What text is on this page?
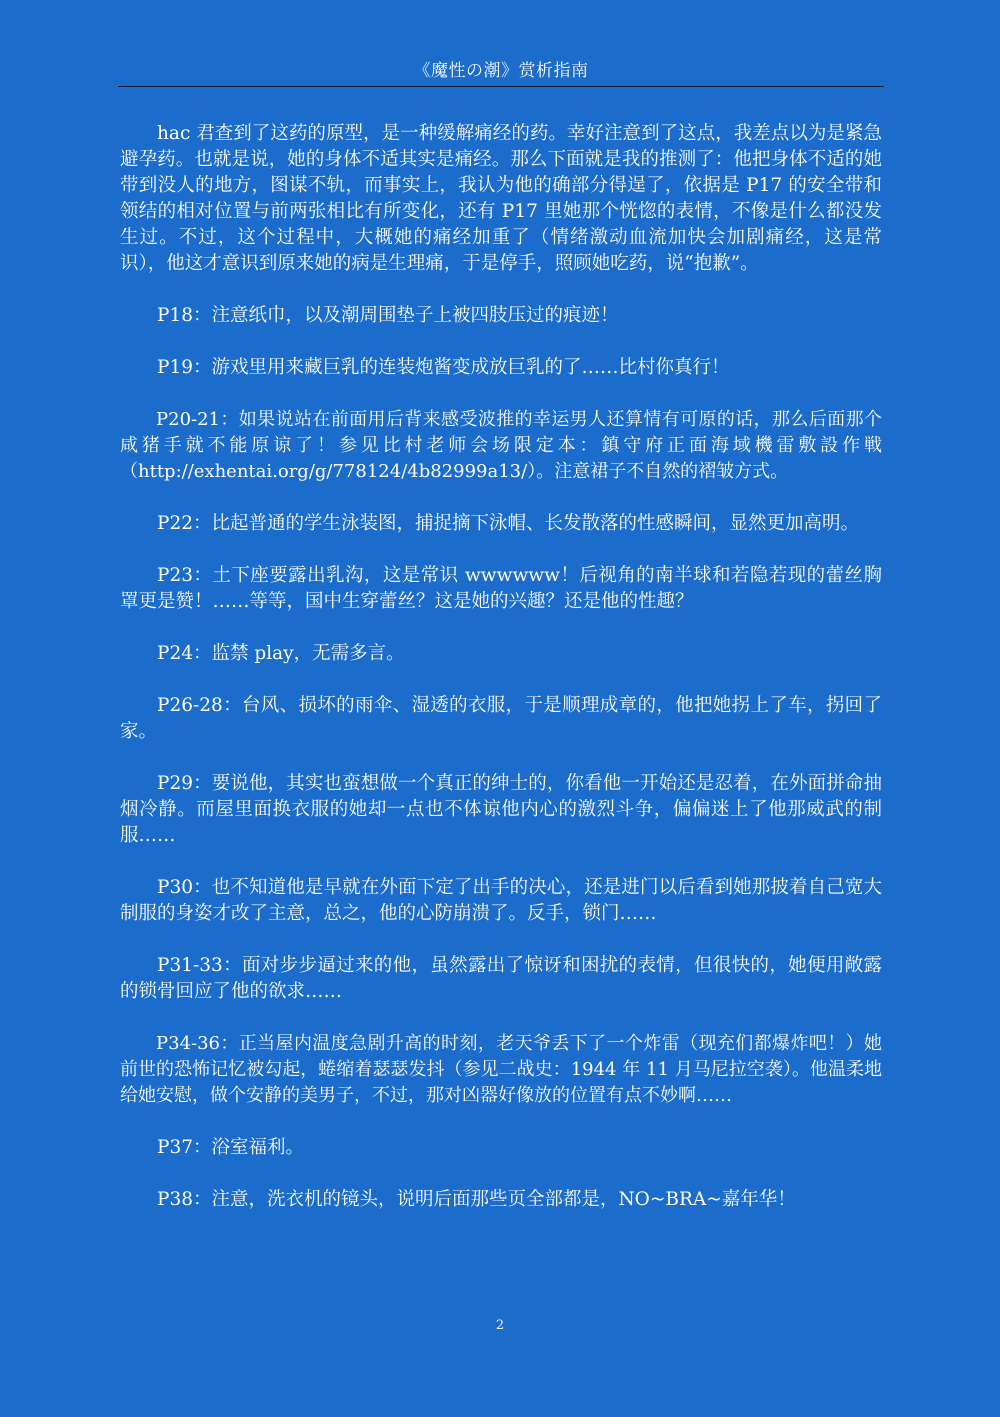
《魔性の潮》赏析指南

hac 君查到了这药的原型，是一种缓解痛经的药。幸好注意到了这点，我差点以为是紧急避孕药。也就是说，她的身体不适其实是痛经。那么下面就是我的推测了：他把身体不适的她带到没人的地方，图谋不轨，而事实上，我认为他的确部分得逞了，依据是 P17 的安全带和领结的相对位置与前两张相比有所变化，还有 P17 里她那个恍惚的表情，不像是什么都没发生过。不过，这个过程中，大概她的痛经加重了（情绪激动血流加快会加剧痛经，这是常识），他这才意识到原来她的病是生理痛，于是停手，照顾她吃药，说“抱歉”。

P18：注意纸巾，以及潮周围垫子上被四肢压过的痕迹！

P19：游戏里用来藏巨乳的连装炮酱变成放巨乳的了……比村你真行！

P20-21：如果说站在前面用后背来感受波推的幸运男人还算情有可原的话，那么后面那个咸猪手就不能原谅了！参见比村老师会场限定本：鎮守府正面海域機雷敷設作戦（http://exhentai.org/g/778124/4b82999a13/）。注意裙子不自然的褶皱方式。

P22：比起普通的学生泳装图，捕捉摘下泳帽、长发散落的性感瞬间，显然更加高明。

P23：土下座要露出乳沟，这是常识 wwwwww！后视角的南半球和若隐若现的蕾丝胸罩更是赞！……等等，国中生穿蕾丝？这是她的兴趣？还是他的性趣？

P24：监禁 play，无需多言。

P26-28：台风、损坏的雨伞、湿透的衣服，于是顺理成章的，他把她拐上了车，拐回了家。

P29：要说他，其实也蛮想做一个真正的绅士的，你看他一开始还是忍着，在外面拼命抽烟冷静。而屋里面换衣服的她却一点也不体谅他内心的激烈斗争，偏偏迷上了他那威武的制服……

P30：也不知道他是早就在外面下定了出手的决心，还是进门以后看到她那披着自己宽大制服的身姿才改了主意，总之，他的心防崩溃了。反手，锁门……

P31-33：面对步步逼过来的他，虽然露出了惊讶和困扰的表情，但很快的，她便用敞露的锁骨回应了他的欲求……

P34-36：正当屋内温度急剧升高的时刻，老天爷丢下了一个炸雷（现充们都爆炸吧！）她前世的恐怖记忆被勾起，蜷缩着瑟瑟发抖（参见二战史：1944 年 11 月马尼拉空袭）。他温柔地给她安慰，做个安静的美男子，不过，那对凶器好像放的位置有点不妙啊……

P37：浴室福利。

P38：注意，洗衣机的镜头，说明后面那些页全部都是，NO~BRA~嘉年华！

2
